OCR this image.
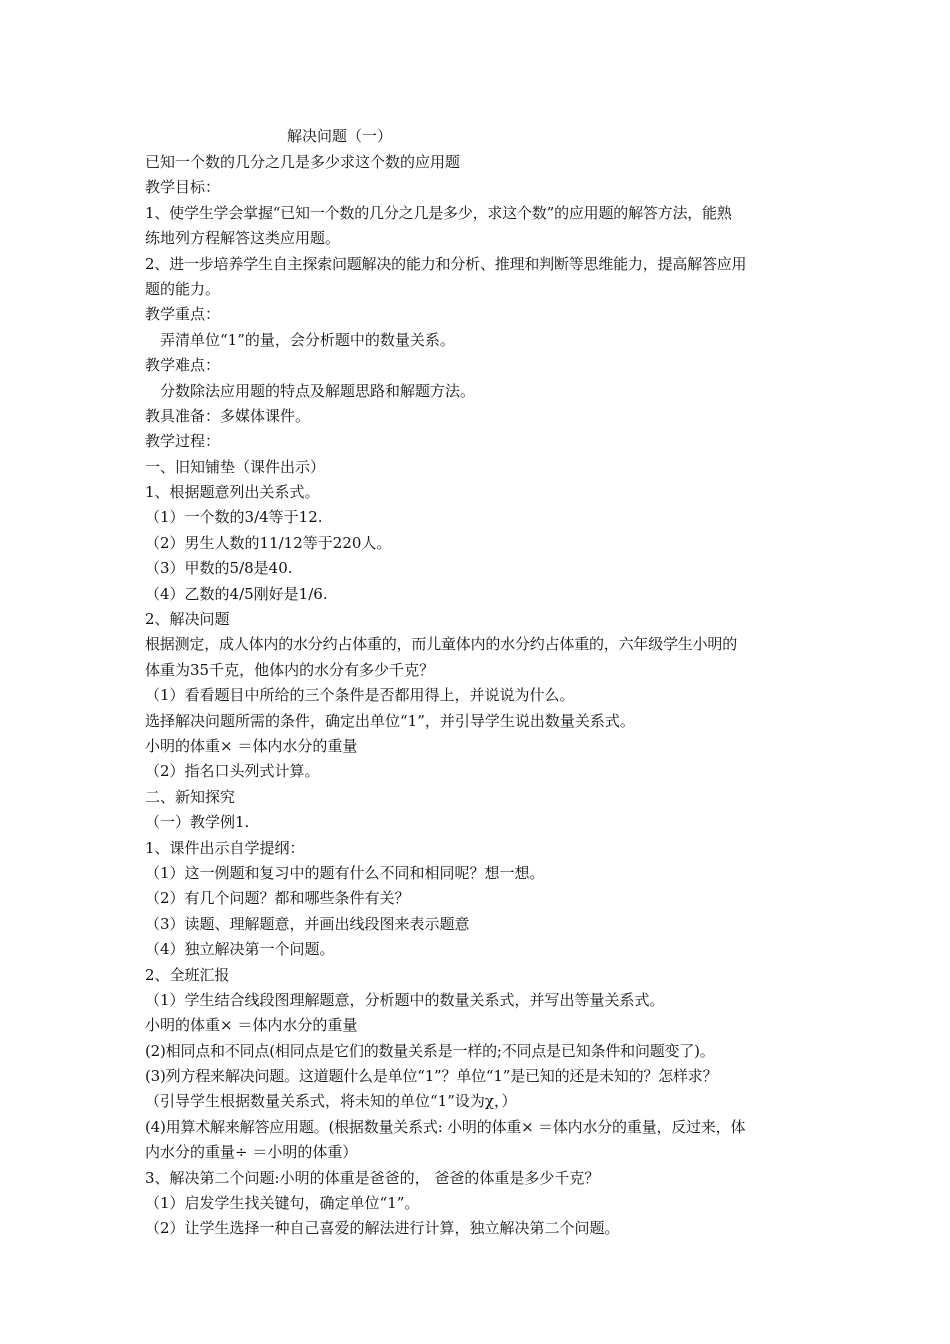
解决问题（一）
已知一个数的几分之几是多少求这个数的应用题
教学目标：
1、使学生学会掌握“已知一个数的几分之几是多少，求这个数”的应用题的解答方法，能熟
练地列方程解答这类应用题。
2、进一步培养学生自主探索问题解决的能力和分析、推理和判断等思维能力，提高解答应用
题的能力。
教学重点：
弄清单位“1”的量，会分析题中的数量关系。
教学难点：
分数除法应用题的特点及解题思路和解题方法。
教具准备：多媒体课件。
教学过程：
一、旧知铺垫（课件出示）
1、根据题意列出关系式。
（1）一个数的3/4等于12.
（2）男生人数的11/12等于220人。
（3）甲数的5/8是40.
（4）乙数的4/5刚好是1/6.
2、解决问题
根据测定，成人体内的水分约占体重的，而儿童体内的水分约占体重的，六年级学生小明的
体重为35千克，他体内的水分有多少千克？
（1）看看题目中所给的三个条件是否都用得上，并说说为什么。
选择解决问题所需的条件，确定出单位“1”，并引导学生说出数量关系式。
小明的体重× ＝体内水分的重量
（2）指名口头列式计算。
二、新知探究
（一）教学例1.
1、课件出示自学提纲：
（1）这一例题和复习中的题有什么不同和相同呢？想一想。
（2）有几个问题？都和哪些条件有关？
（3）读题、理解题意，并画出线段图来表示题意
（4）独立解决第一个问题。
2、全班汇报
（1）学生结合线段图理解题意，分析题中的数量关系式，并写出等量关系式。
小明的体重× ＝体内水分的重量
(2)相同点和不同点(相同点是它们的数量关系是一样的;不同点是已知条件和问题变了)。
(3)列方程来解决问题。这道题什么是单位“1”？单位“1”是已知的还是未知的？怎样求？
（引导学生根据数量关系式，将未知的单位“1”设为χ，）
(4)用算术解来解答应用题。(根据数量关系式: 小明的体重× ＝体内水分的重量，反过来，体
内水分的重量÷ ＝小明的体重）
3、解决第二个问题:小明的体重是爸爸的， 爸爸的体重是多少千克？
（1）启发学生找关键句，确定单位“1”。
（2）让学生选择一种自己喜爱的解法进行计算，独立解决第二个问题。
